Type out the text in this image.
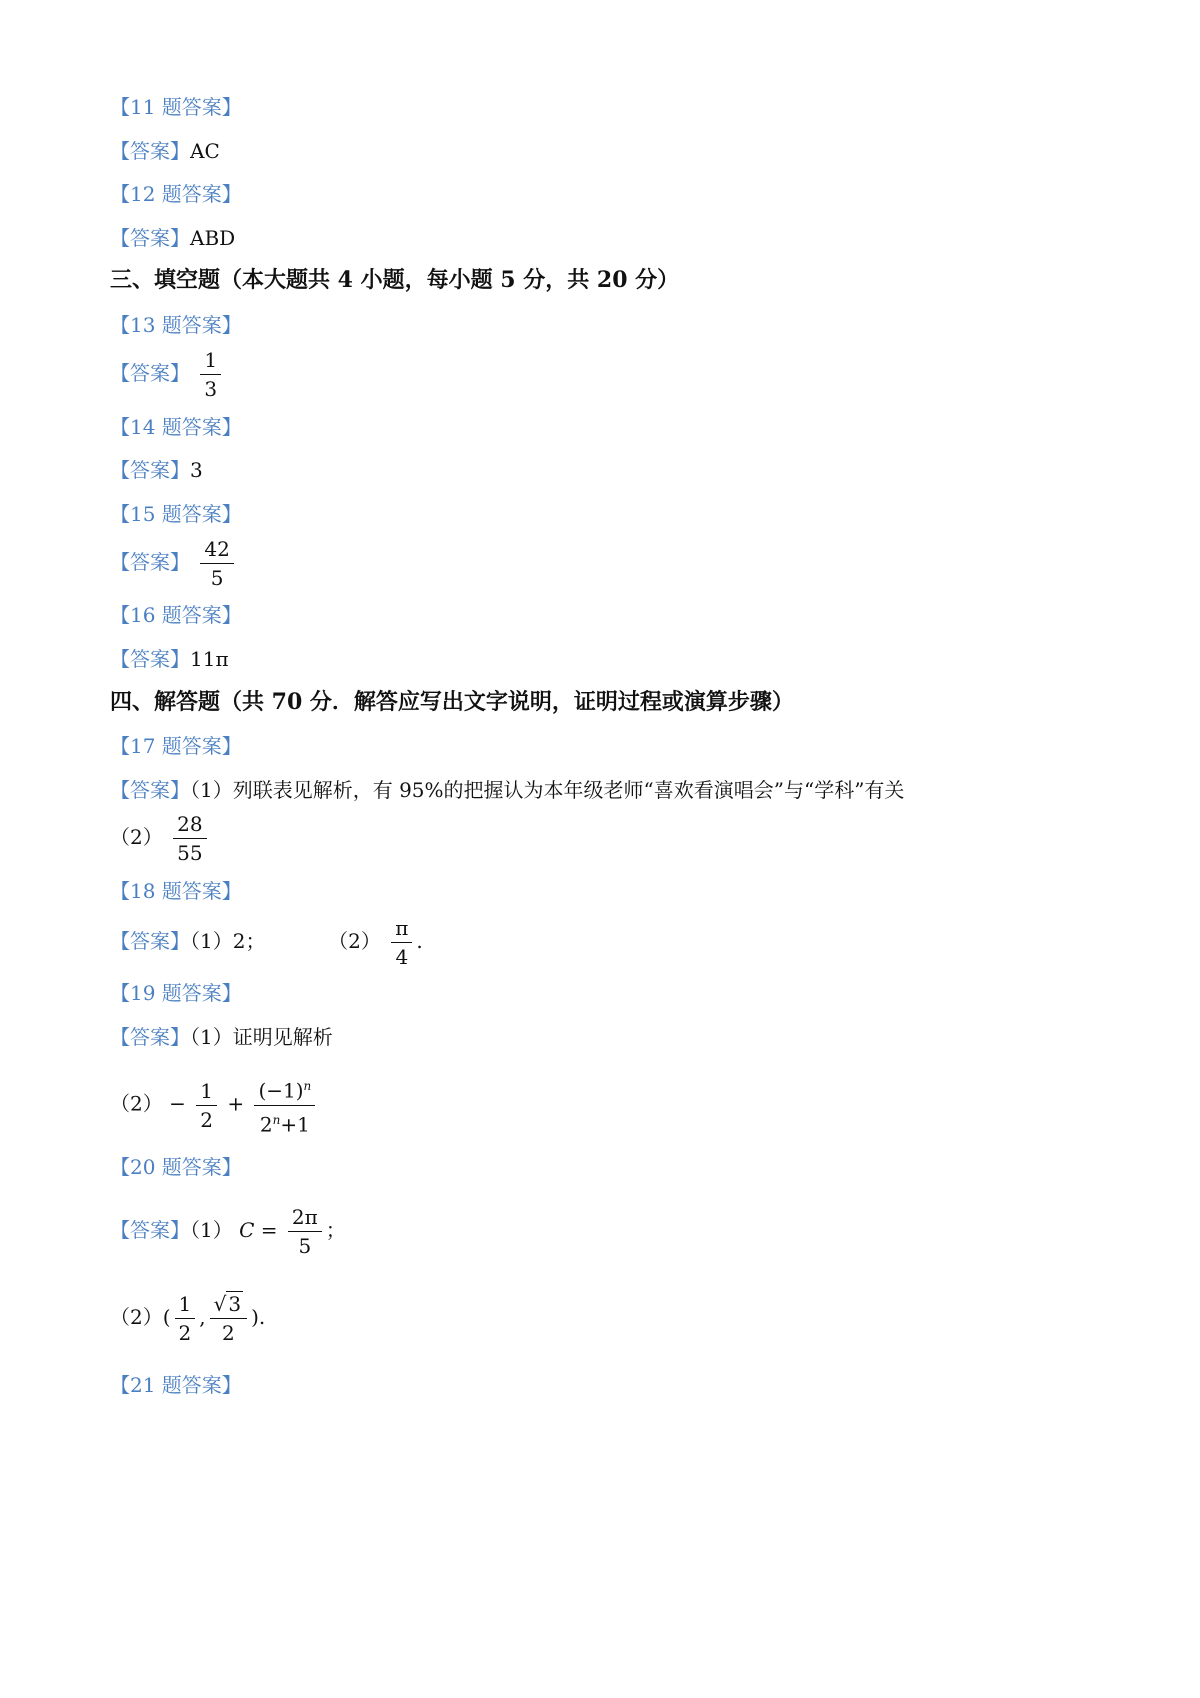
【11 题答案】
【答案】AC
【12 题答案】
【答案】ABD
三、填空题（本大题共 4 小题，每小题 5 分，共 20 分）
【13 题答案】
【答案】 $\frac{1}{3}$
【14 题答案】
【答案】3
【15 题答案】
【答案】 $\frac{42}{5}$
【16 题答案】
【答案】11π
四、解答题（共 70 分．解答应写出文字说明，证明过程或演算步骤）
【17 题答案】
【答案】（1）列联表见解析，有 95%的把握认为本年级老师“喜欢看演唱会”与“学科”有关
$(2) \frac{28}{55}$
【18 题答案】
【答案】（1）2；	$(2) \frac{\pi}{4}$ .
【19 题答案】
【答案】（1）证明见解析
$(2) - \frac{1}{2} + \frac{(-1)^n}{2^n+1}$
【20 题答案】
【答案】（1） $C = \frac{2\pi}{5}$ ；
$(2)( \frac{1}{2}$ , $\frac{√ 3}{2}$ ).
【21 题答案】
